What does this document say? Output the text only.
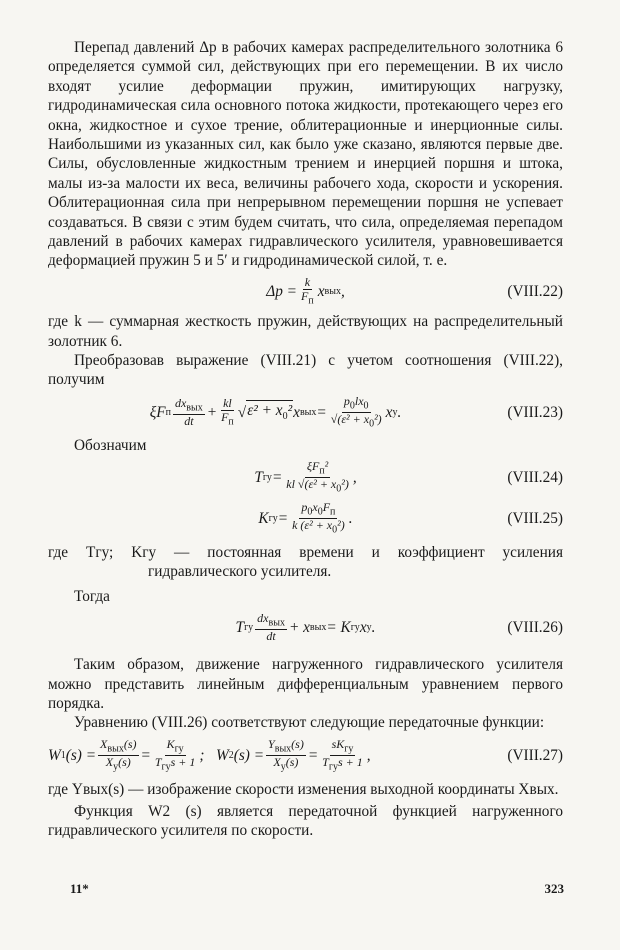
Перепад давлений Δp в рабочих камерах распределительного золотника 6 определяется суммой сил, действующих при его перемещении. В их число входят усилие деформации пружин, имитирующих нагрузку, гидродинамическая сила основного потока жидкости, протекающего через его окна, жидкостное и сухое трение, облитерационные и инерционные силы. Наибольшими из указанных сил, как было уже сказано, являются первые две. Силы, обусловленные жидкостным трением и инерцией поршня и штока, малы из-за малости их веса, величины рабочего хода, скорости и ускорения. Облитерационная сила при непрерывном перемещении поршня не успевает создаваться. В связи с этим будем считать, что сила, определяемая перепадом давлений в рабочих камерах гидравлического усилителя, уравновешивается деформацией пружин 5 и 5′ и гидродинамической силой, т. е.

$\Delta p = \frac{k}{F_п}$ x вых ,	(VIII.22)

где k — суммарная жесткость пружин, действующих на распределительный золотник 6.

Преобразовав выражение (VIII.21) с учетом соотношения (VIII.22), получим

ξF п $\frac{dx_{вых}}{dt} + \frac{kl}{F_п}$ √ $\varepsilon^2 + x_0^2$ x вых = $\frac{p_0lx_0}{√(\varepsilon^2 + x_0^2)}$ x у .	(VIII.23)

Обозначим

T гу = $\frac{\xi F_п^2}{kl √(\varepsilon^2 + x_0^2)}$ ,	(VIII.24)
K гу = $\frac{p_0x_0F_п}{k (\varepsilon^2 + x_0^2)}$ .	(VIII.25)

где Tгу; Kгу — постоянная времени и коэффициент усиления гидравлического усилителя.

Тогда

T гу $\frac{dx_{вых}}{dt} + x$ вых = K гу x у .	(VIII.26)

Таким образом, движение нагруженного гидравлического усилителя можно представить линейным дифференциальным уравнением первого порядка.

Уравнению (VIII.26) соответствуют следующие передаточные функции:

W 1 $(s) = \frac{X_{вых}(s)}{X_у(s)} = \frac{K_{гу}}{T_{гу}s + 1}$ ;   W 2 $(s) = \frac{Y_{вых}(s)}{X_у(s)} = \frac{sK_{гу}}{T_{гу}s + 1}$ ,	(VIII.27)

где Yвых(s) — изображение скорости изменения выходной координаты Xвых.

Функция W2 (s) является передаточной функцией нагруженного гидравлического усилителя по скорости.

11*	323
